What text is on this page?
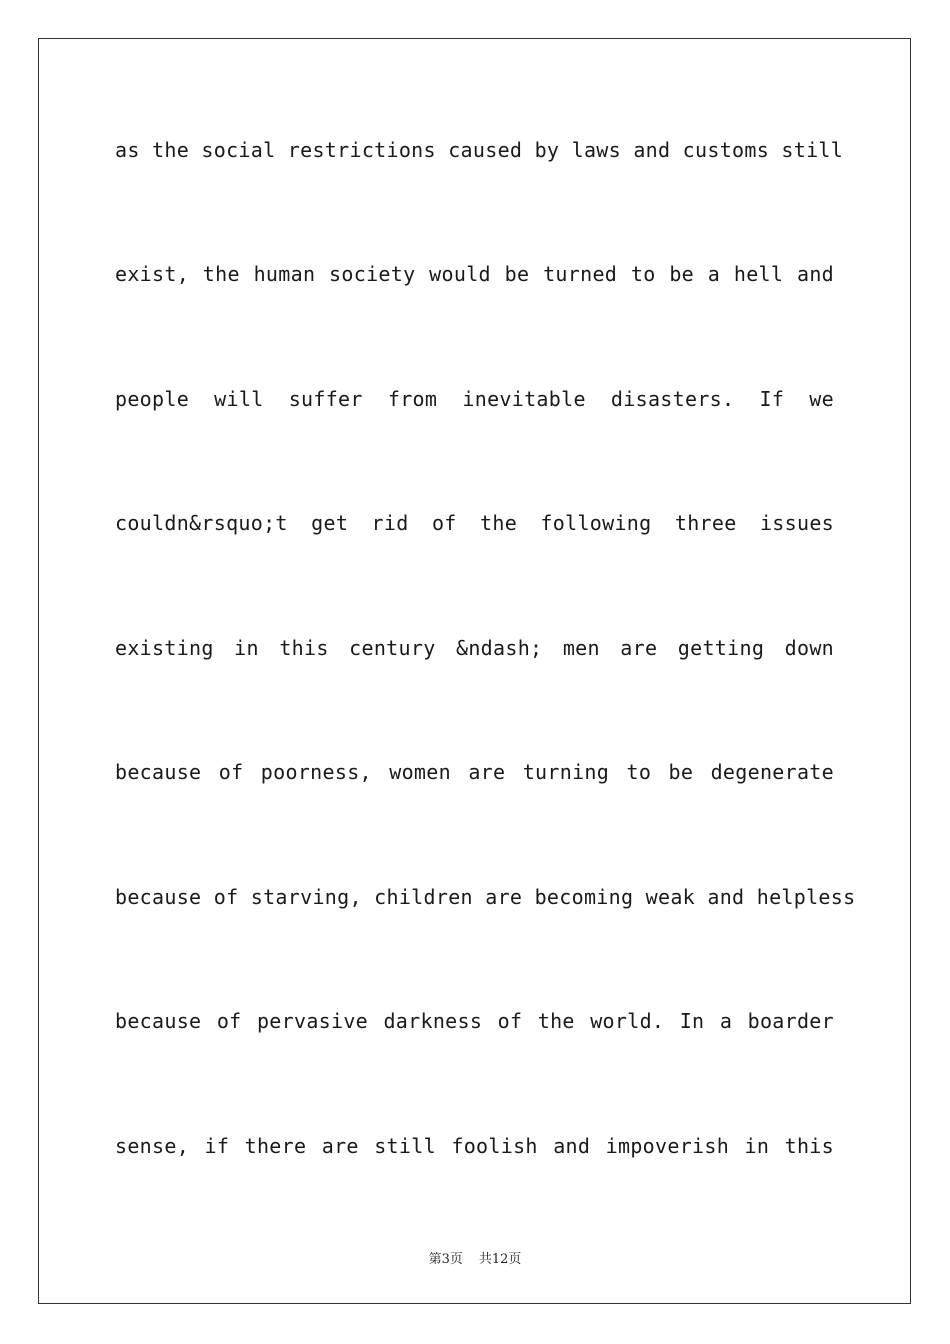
as the social restrictions caused by laws and customs still
exist, the human society would be turned to be a hell and
people will suffer from inevitable disasters. If we
couldn&rsquo;t get rid of the following three issues
existing in this century &ndash; men are getting down
because of poorness, women are turning to be degenerate
because of starving, children are becoming weak and helpless
because of pervasive darkness of the world. In a boarder
sense, if there are still foolish and impoverish in this
第3页 共12页
